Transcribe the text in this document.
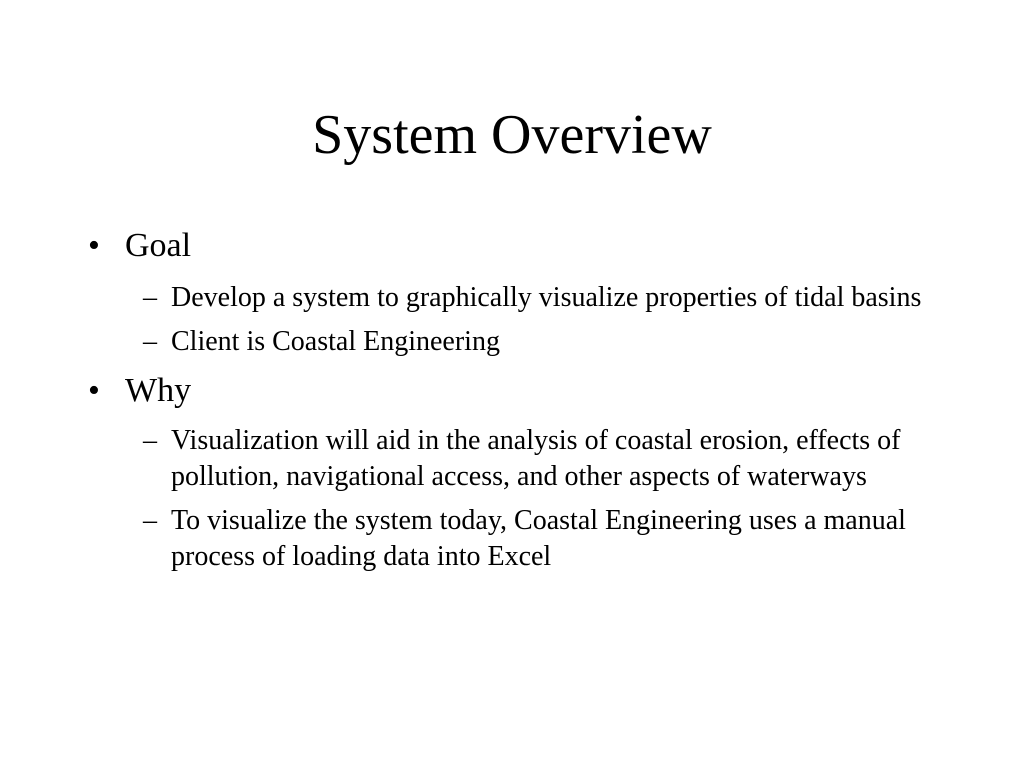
System Overview
• Goal
– Develop a system to graphically visualize properties of tidal basins
– Client is Coastal Engineering
• Why
– Visualization will aid in the analysis of coastal erosion, effects of pollution, navigational access, and other aspects of waterways
– To visualize the system today, Coastal Engineering uses a manual process of loading data into Excel
